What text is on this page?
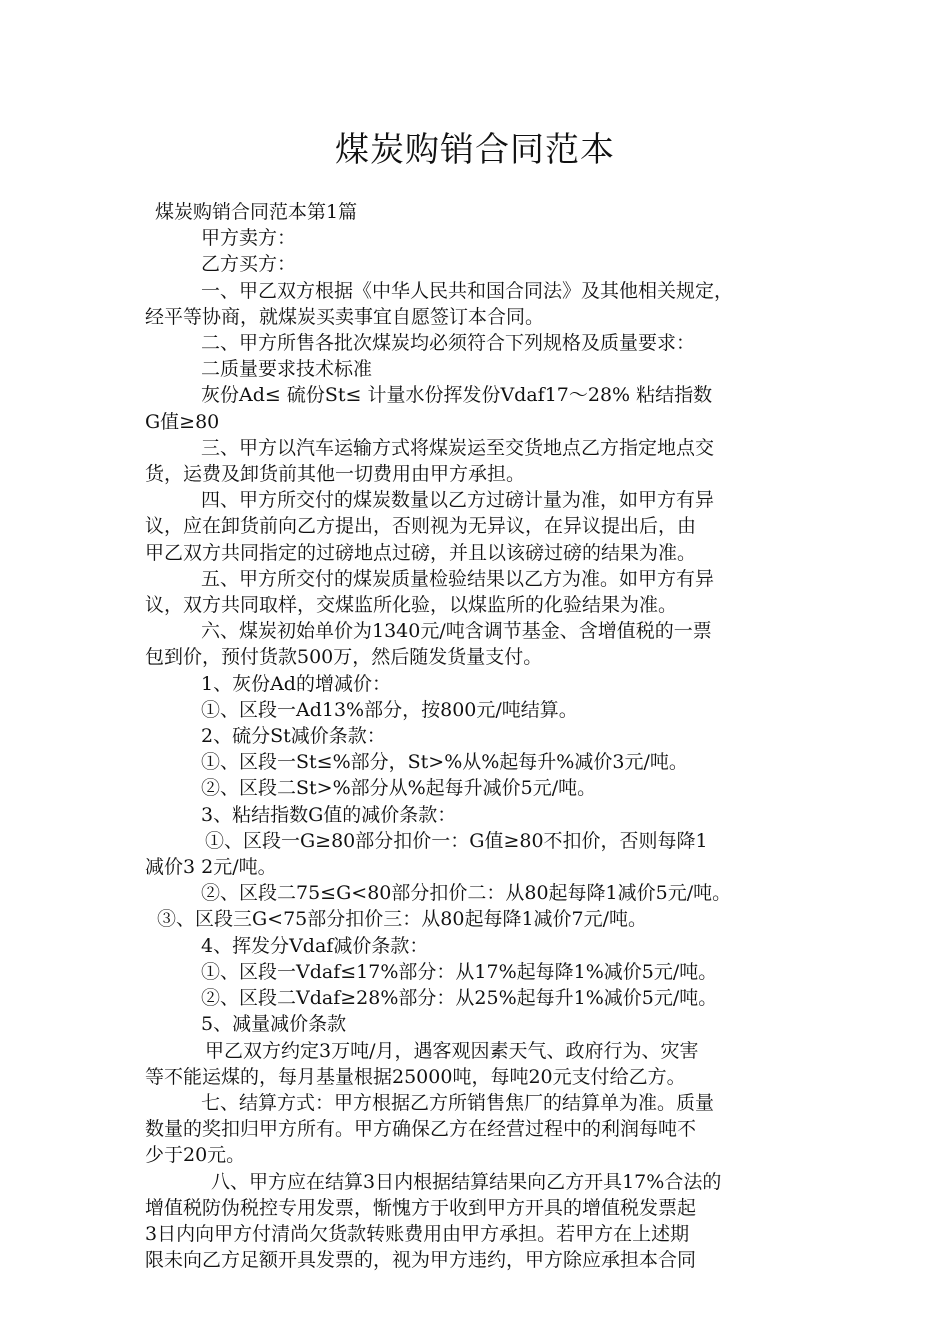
煤炭购销合同范本
煤炭购销合同范本第1篇
甲方卖方：
乙方买方：
一、甲乙双方根据《中华人民共和国合同法》及其他相关规定，
经平等协商，就煤炭买卖事宜自愿签订本合同。
二、甲方所售各批次煤炭均必须符合下列规格及质量要求：
二质量要求技术标准
灰份Ad≤ 硫份St≤ 计量水份挥发份Vdaf17～28% 粘结指数
G值≥80
三、甲方以汽车运输方式将煤炭运至交货地点乙方指定地点交
货，运费及卸货前其他一切费用由甲方承担。
四、甲方所交付的煤炭数量以乙方过磅计量为准，如甲方有异
议，应在卸货前向乙方提出，否则视为无异议，在异议提出后，由
甲乙双方共同指定的过磅地点过磅，并且以该磅过磅的结果为准。
五、甲方所交付的煤炭质量检验结果以乙方为准。如甲方有异
议，双方共同取样，交煤监所化验，以煤监所的化验结果为准。
六、煤炭初始单价为1340元/吨含调节基金、含增值税的一票
包到价，预付货款500万，然后随发货量支付。
1、灰份Ad的增减价：
①、区段一Ad13%部分，按800元/吨结算。
2、硫分St减价条款：
①、区段一St≤%部分，St>%从%起每升%减价3元/吨。
②、区段二St>%部分从%起每升减价5元/吨。
3、粘结指数G值的减价条款：
①、区段一G≥80部分扣价一：G值≥80不扣价，否则每降1
减价3 2元/吨。
②、区段二75≤G<80部分扣价二：从80起每降1减价5元/吨。
③、区段三G<75部分扣价三：从80起每降1减价7元/吨。
4、挥发分Vdaf减价条款：
①、区段一Vdaf≤17%部分：从17%起每降1%减价5元/吨。
②、区段二Vdaf≥28%部分：从25%起每升1%减价5元/吨。
5、减量减价条款
甲乙双方约定3万吨/月，遇客观因素天气、政府行为、灾害
等不能运煤的，每月基量根据25000吨，每吨20元支付给乙方。
七、结算方式：甲方根据乙方所销售焦厂的结算单为准。质量
数量的奖扣归甲方所有。甲方确保乙方在经营过程中的利润每吨不
少于20元。
八、甲方应在结算3日内根据结算结果向乙方开具17%合法的
增值税防伪税控专用发票，惭愧方于收到甲方开具的增值税发票起
3日内向甲方付清尚欠货款转账费用由甲方承担。若甲方在上述期
限未向乙方足额开具发票的，视为甲方违约，甲方除应承担本合同
